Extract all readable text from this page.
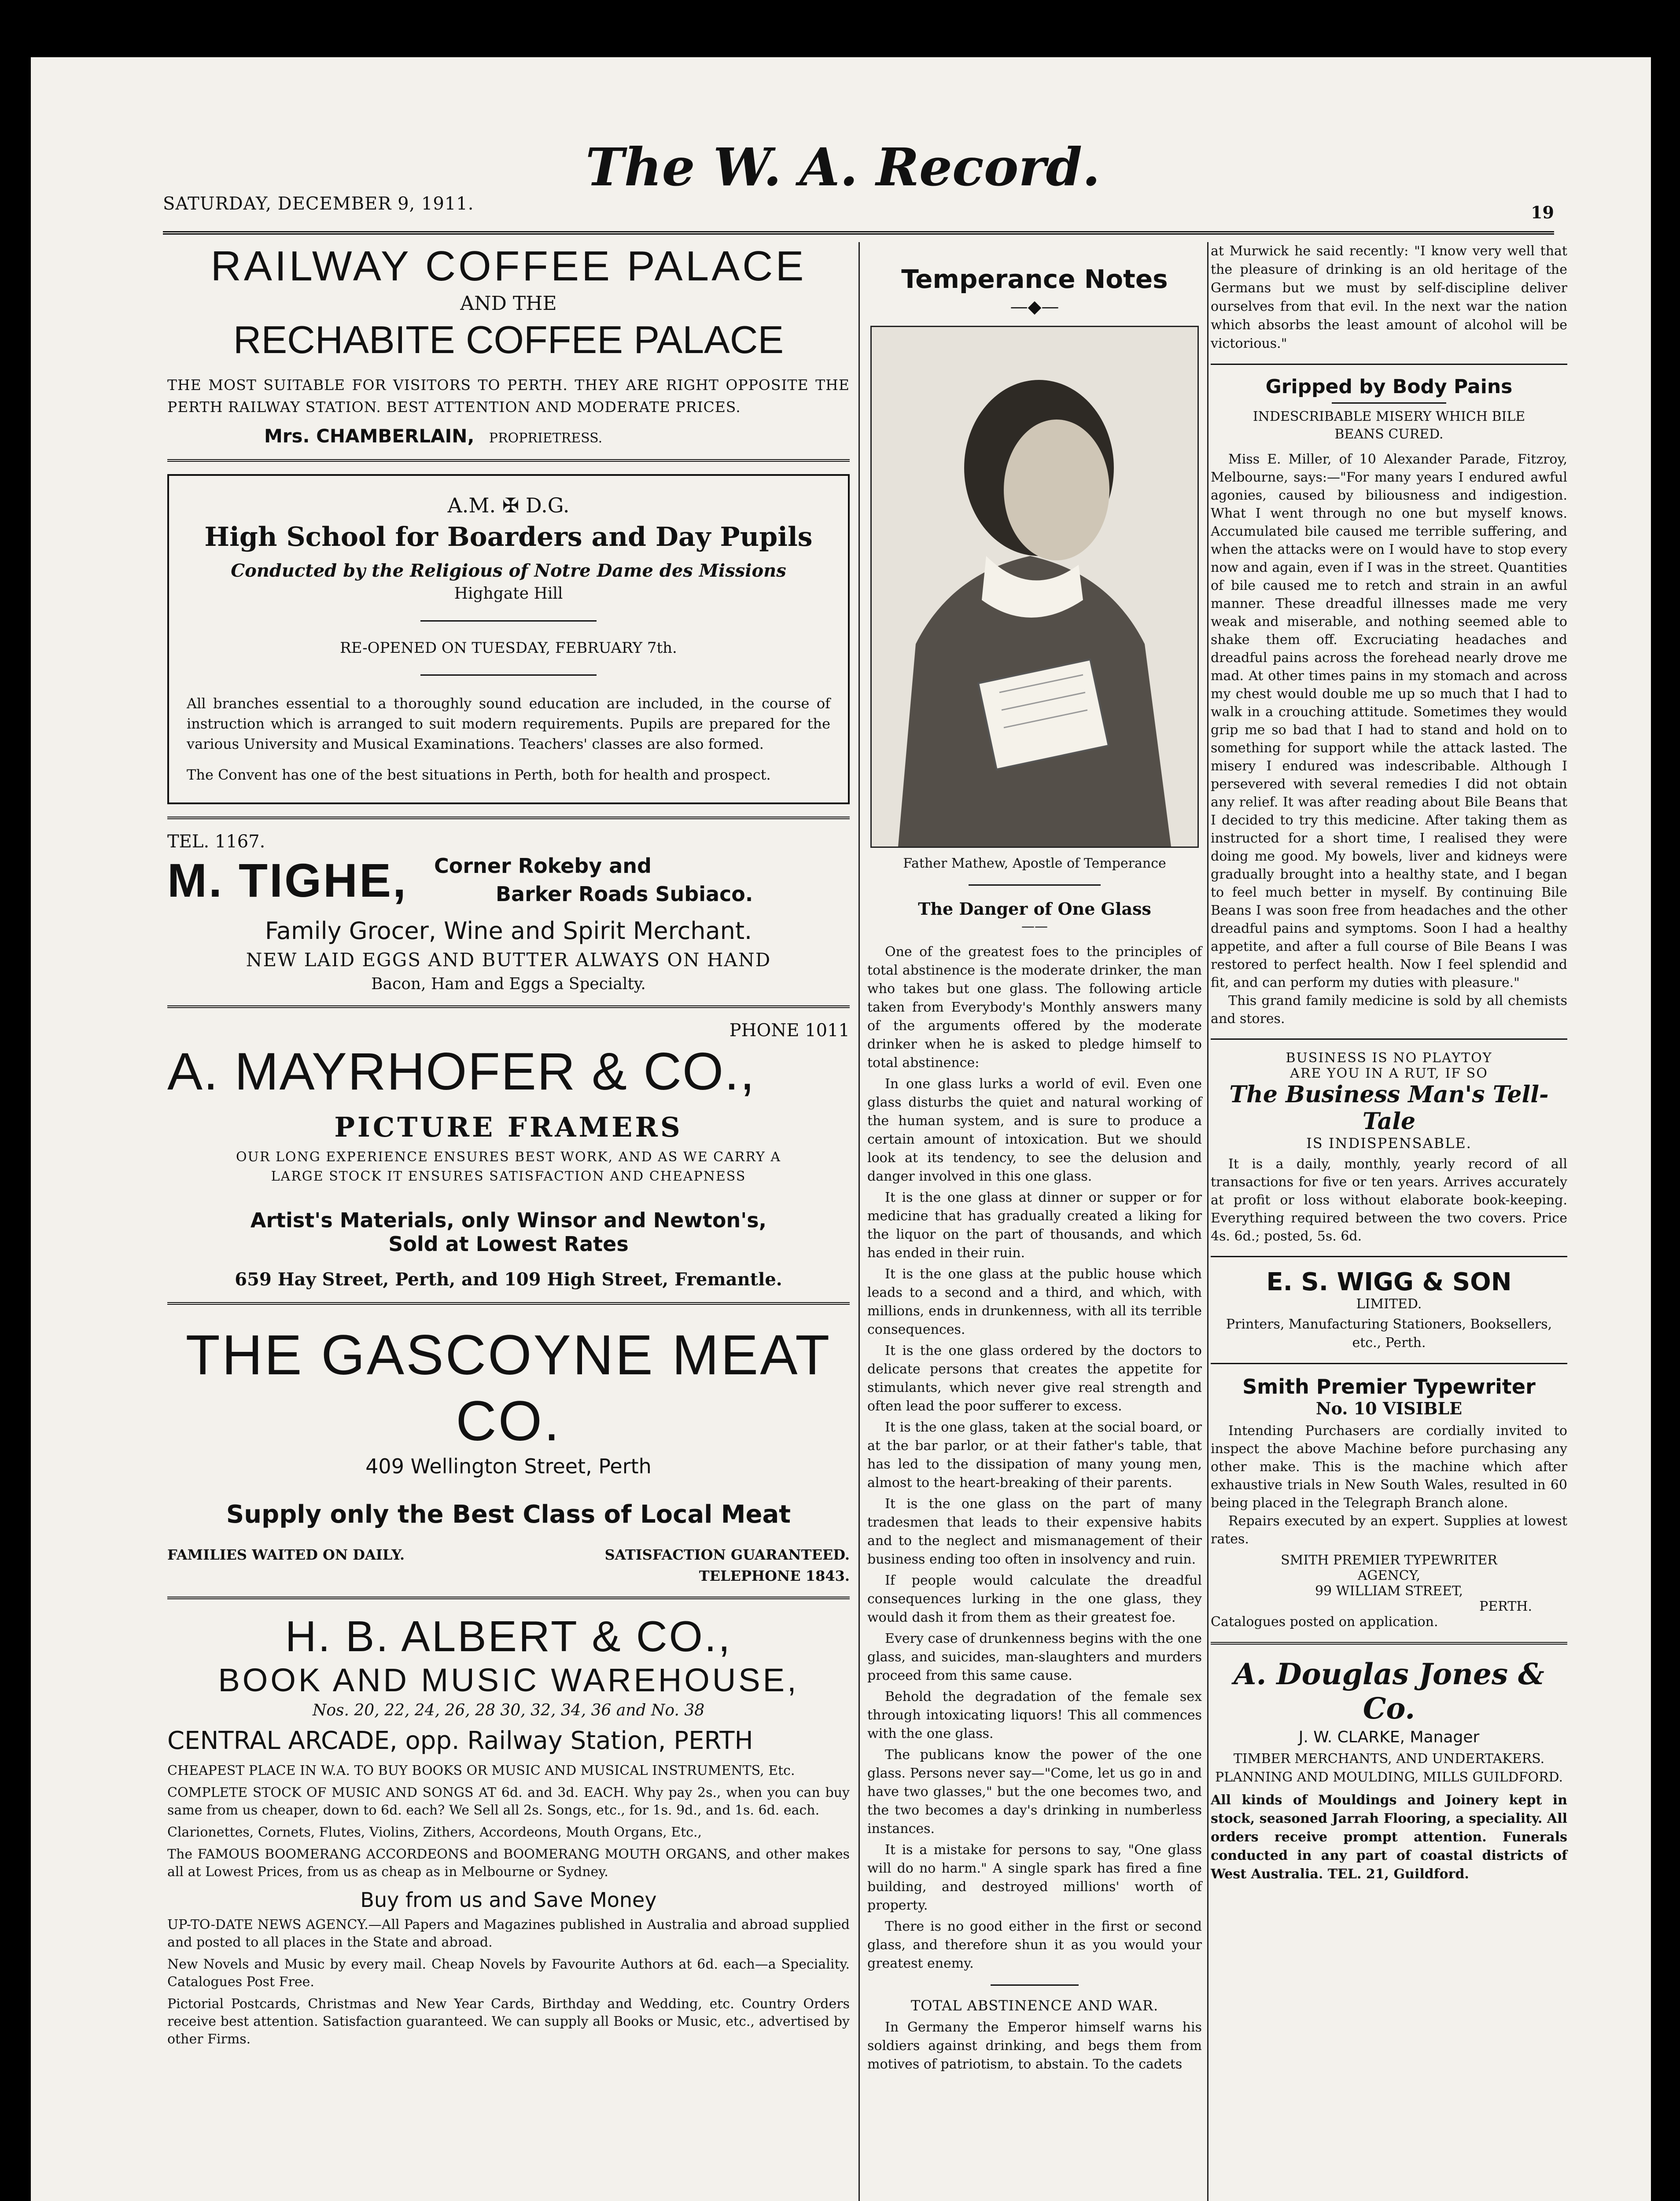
SATURDAY, DECEMBER 9, 1911.
The W. A. Record.
19
RAILWAY COFFEE PALACE
AND THE
RECHABITE COFFEE PALACE
THE MOST SUITABLE FOR VISITORS TO PERTH. THEY ARE RIGHT OPPOSITE THE PERTH RAILWAY STATION. BEST ATTENTION AND MODERATE PRICES.
Mrs. CHAMBERLAIN, PROPRIETRESS.
A.M. ✠ D.G.
High School for Boarders and Day Pupils
Conducted by the Religious of Notre Dame des Missions
Highgate Hill
RE-OPENED ON TUESDAY, FEBRUARY 7th.
All branches essential to a thoroughly sound education are included, in the course of instruction which is arranged to suit modern requirements. Pupils are prepared for the various University and Musical Examinations. Teachers' classes are also formed.
The Convent has one of the best situations in Perth, both for health and prospect.
TEL. 1167.
M. TIGHE, Corner Rokeby and
Barker Roads Subiaco.
Family Grocer, Wine and Spirit Merchant.
NEW LAID EGGS AND BUTTER ALWAYS ON HAND
Bacon, Ham and Eggs a Specialty.
PHONE 1011
A. MAYRHOFER & CO.,
PICTURE FRAMERS
OUR LONG EXPERIENCE ENSURES BEST WORK, AND AS WE CARRY A LARGE STOCK IT ENSURES SATISFACTION AND CHEAPNESS
Artist's Materials, only Winsor and Newton's,
Sold at Lowest Rates
659 Hay Street, Perth, and 109 High Street, Fremantle.
THE GASCOYNE MEAT CO.
409 Wellington Street, Perth
Supply only the Best Class of Local Meat
FAMILIES WAITED ON DAILY.	SATISFACTION GUARANTEED.
TELEPHONE 1843.
H. B. ALBERT & CO.,
BOOK AND MUSIC WAREHOUSE,
Nos. 20, 22, 24, 26, 28 30, 32, 34, 36 and No. 38
CENTRAL ARCADE, opp. Railway Station, PERTH
CHEAPEST PLACE IN W.A. TO BUY BOOKS OR MUSIC AND MUSICAL INSTRUMENTS, Etc.
COMPLETE STOCK OF MUSIC AND SONGS AT 6d. and 3d. EACH. Why pay 2s., when you can buy same from us cheaper, down to 6d. each? We Sell all 2s. Songs, etc., for 1s. 9d., and 1s. 6d. each.
Clarionettes, Cornets, Flutes, Violins, Zithers, Accordeons, Mouth Organs, Etc.,
The FAMOUS BOOMERANG ACCORDEONS and BOOMERANG MOUTH ORGANS, and other makes all at Lowest Prices, from us as cheap as in Melbourne or Sydney.
Buy from us and Save Money
UP-TO-DATE NEWS AGENCY.—All Papers and Magazines published in Australia and abroad supplied and posted to all places in the State and abroad.
New Novels and Music by every mail. Cheap Novels by Favourite Authors at 6d. each—a Speciality. Catalogues Post Free.
Pictorial Postcards, Christmas and New Year Cards, Birthday and Wedding, etc. Country Orders receive best attention. Satisfaction guaranteed. We can supply all Books or Music, etc., advertised by other Firms.
Temperance Notes
—◆—
Father Mathew, Apostle of Temperance
The Danger of One Glass
——

One of the greatest foes to the principles of total abstinence is the moderate drinker, the man who takes but one glass. The following article taken from Everybody's Monthly answers many of the arguments offered by the moderate drinker when he is asked to pledge himself to total abstinence:

In one glass lurks a world of evil. Even one glass disturbs the quiet and natural working of the human system, and is sure to produce a certain amount of intoxication. But we should look at its tendency, to see the delusion and danger involved in this one glass.

It is the one glass at dinner or supper or for medicine that has gradually created a liking for the liquor on the part of thousands, and which has ended in their ruin.

It is the one glass at the public house which leads to a second and a third, and which, with millions, ends in drunkenness, with all its terrible consequences.

It is the one glass ordered by the doctors to delicate persons that creates the appetite for stimulants, which never give real strength and often lead the poor sufferer to excess.

It is the one glass, taken at the social board, or at the bar parlor, or at their father's table, that has led to the dissipation of many young men, almost to the heart-breaking of their parents.

It is the one glass on the part of many tradesmen that leads to their expensive habits and to the neglect and mismanagement of their business ending too often in insolvency and ruin.

If people would calculate the dreadful consequences lurking in the one glass, they would dash it from them as their greatest foe.

Every case of drunkenness begins with the one glass, and suicides, man-slaughters and murders proceed from this same cause.

Behold the degradation of the female sex through intoxicating liquors! This all commences with the one glass.

The publicans know the power of the one glass. Persons never say—"Come, let us go in and have two glasses," but the one becomes two, and the two becomes a day's drinking in numberless instances.

It is a mistake for persons to say, "One glass will do no harm." A single spark has fired a fine building, and destroyed millions' worth of property.

There is no good either in the first or second glass, and therefore shun it as you would your greatest enemy.

TOTAL ABSTINENCE AND WAR.
In Germany the Emperor himself warns his soldiers against drinking, and begs them from motives of patriotism, to abstain. To the cadets
at Murwick he said recently: "I know very well that the pleasure of drinking is an old heritage of the Germans but we must by self-discipline deliver ourselves from that evil. In the next war the nation which absorbs the least amount of alcohol will be victorious."
Gripped by Body Pains
INDESCRIBABLE MISERY WHICH BILE BEANS CURED.
Miss E. Miller, of 10 Alexander Parade, Fitzroy, Melbourne, says:—"For many years I endured awful agonies, caused by biliousness and indigestion. What I went through no one but myself knows. Accumulated bile caused me terrible suffering, and when the attacks were on I would have to stop every now and again, even if I was in the street. Quantities of bile caused me to retch and strain in an awful manner. These dreadful illnesses made me very weak and miserable, and nothing seemed able to shake them off. Excruciating headaches and dreadful pains across the forehead nearly drove me mad. At other times pains in my stomach and across my chest would double me up so much that I had to walk in a crouching attitude. Sometimes they would grip me so bad that I had to stand and hold on to something for support while the attack lasted. The misery I endured was indescribable. Although I persevered with several remedies I did not obtain any relief. It was after reading about Bile Beans that I decided to try this medicine. After taking them as instructed for a short time, I realised they were doing me good. My bowels, liver and kidneys were gradually brought into a healthy state, and I began to feel much better in myself. By continuing Bile Beans I was soon free from headaches and the other dreadful pains and symptoms. Soon I had a healthy appetite, and after a full course of Bile Beans I was restored to perfect health. Now I feel splendid and fit, and can perform my duties with pleasure."
This grand family medicine is sold by all chemists and stores.
BUSINESS IS NO PLAYTOY
ARE YOU IN A RUT, IF SO
The Business Man's Tell-Tale
IS INDISPENSABLE.
It is a daily, monthly, yearly record of all transactions for five or ten years. Arrives accurately at profit or loss without elaborate book-keeping. Everything required between the two covers. Price 4s. 6d.; posted, 5s. 6d.
E. S. WIGG & SON
LIMITED.
Printers, Manufacturing Stationers, Booksellers, etc., Perth.
Smith Premier Typewriter
No. 10 VISIBLE
Intending Purchasers are cordially invited to inspect the above Machine before purchasing any other make. This is the machine which after exhaustive trials in New South Wales, resulted in 60 being placed in the Telegraph Branch alone.
Repairs executed by an expert. Supplies at lowest rates.
SMITH PREMIER TYPEWRITER
AGENCY,
99 WILLIAM STREET,
PERTH.
Catalogues posted on application.
A. Douglas Jones & Co.
J. W. CLARKE, Manager
TIMBER MERCHANTS, AND UNDERTAKERS. PLANNING AND MOULDING, MILLS GUILDFORD.
All kinds of Mouldings and Joinery kept in stock, seasoned Jarrah Flooring, a speciality. All orders receive prompt attention. Funerals conducted in any part of coastal districts of West Australia. TEL. 21, Guildford.
